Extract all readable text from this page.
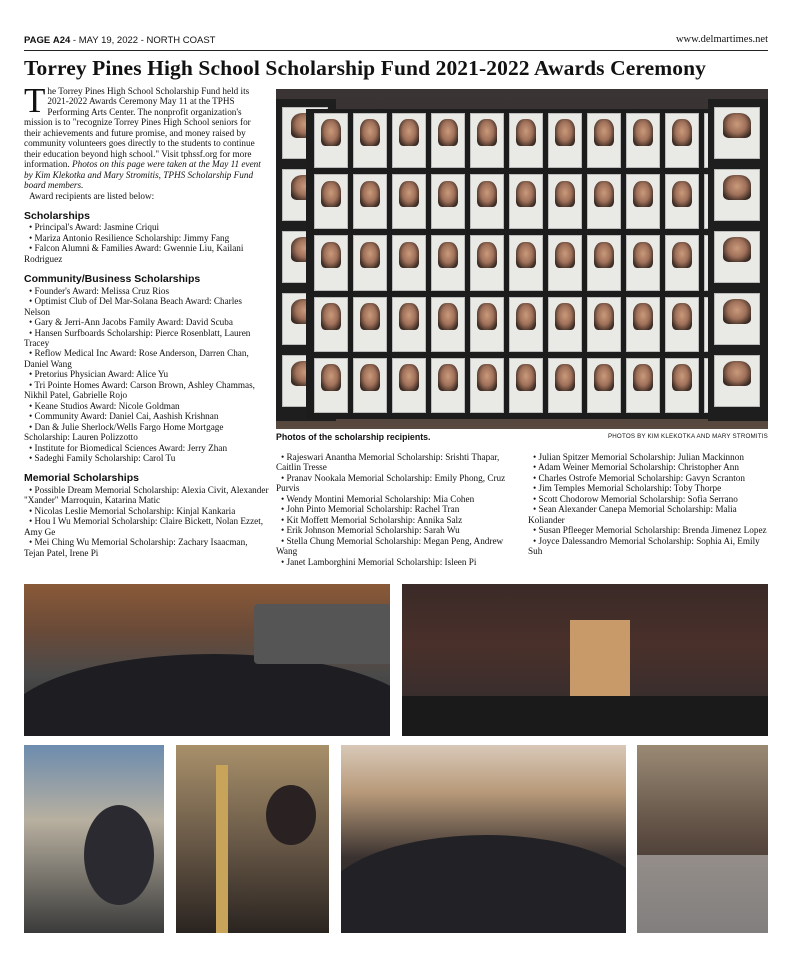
PAGE A24 - MAY 19, 2022 - NORTH COAST	www.delmartimes.net
Torrey Pines High School Scholarship Fund 2021-2022 Awards Ceremony

The Torrey Pines High School Scholarship Fund held its 2021-2022 Awards Ceremony May 11 at the TPHS Performing Arts Center. The nonprofit organization's mission is to "recognize Torrey Pines High School seniors for their achievements and future promise, and money raised by community volunteers goes directly to the students to continue their education beyond high school." Visit tphssf.org for more information. Photos on this page were taken at the May 11 event by Kim Klekotka and Mary Stromitis, TPHS Scholarship Fund board members.

Award recipients are listed below:

Scholarships

• Principal's Award: Jasmine Criqui

• Mariza Antonio Resilience Scholarship: Jimmy Fang

• Falcon Alumni & Families Award: Gwennie Liu, Kailani Rodriguez

Community/Business Scholarships

• Founder's Award: Melissa Cruz Rios

• Optimist Club of Del Mar-Solana Beach Award: Charles Nelson

• Gary & Jerri-Ann Jacobs Family Award: David Scuba

• Hansen Surfboards Scholarship: Pierce Rosenblatt, Lauren Tracey

• Reflow Medical Inc Award: Rose Anderson, Darren Chan, Daniel Wang

• Pretorius Physician Award: Alice Yu

• Tri Pointe Homes Award: Carson Brown, Ashley Chammas, Nikhil Patel, Gabrielle Rojo

• Keane Studios Award: Nicole Goldman

• Community Award: Daniel Cai, Aashish Krishnan

• Dan & Julie Sherlock/Wells Fargo Home Mortgage Scholarship: Lauren Polizzotto

• Institute for Biomedical Sciences Award: Jerry Zhan

• Sadeghi Family Scholarship: Carol Tu

Memorial Scholarships

• Possible Dream Memorial Scholarship: Alexia Civit, Alexander "Xander" Marroquin, Katarina Matic

• Nicolas Leslie Memorial Scholarship: Kinjal Kankaria

• Hou I Wu Memorial Scholarship: Claire Bickett, Nolan Ezzet, Amy Ge

• Mei Ching Wu Memorial Scholarship: Zachary Isaacman, Tejan Patel, Irene Pi

Photos of the scholarship recipients.	PHOTOS BY KIM KLEKOTKA AND MARY STROMITIS

• Rajeswari Anantha Memorial Scholarship: Srishti Thapar, Caitlin Tresse

• Pranav Nookala Memorial Scholarship: Emily Phong, Cruz Purvis

• Wendy Montini Memorial Scholarship: Mia Cohen

• John Pinto Memorial Scholarship: Rachel Tran

• Kit Moffett Memorial Scholarship: Annika Salz

• Erik Johnson Memorial Scholarship: Sarah Wu

• Stella Chung Memorial Scholarship: Megan Peng, Andrew Wang

• Janet Lamborghini Memorial Scholarship: Isleen Pi

• Julian Spitzer Memorial Scholarship: Julian Mackinnon

• Adam Weiner Memorial Scholarship: Christopher Ann

• Charles Ostrofe Memorial Scholarship: Gavyn Scranton

• Jim Temples Memorial Scholarship: Toby Thorpe

• Scott Chodorow Memorial Scholarship: Sofia Serrano

• Sean Alexander Canepa Memorial Scholarship: Malia Koliander

• Susan Pfleeger Memorial Scholarship: Brenda Jimenez Lopez

• Joyce Dalessandro Memorial Scholarship: Sophia Ai, Emily Suh
